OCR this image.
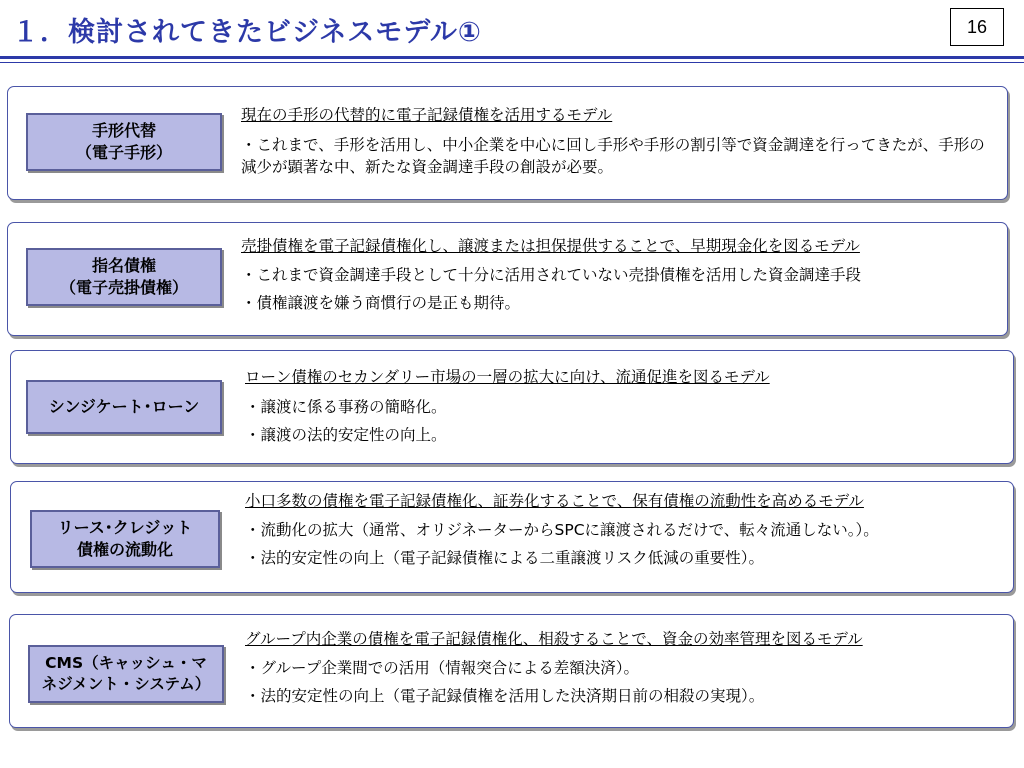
１．検討されてきたビジネスモデル①	16
手形代替
（電子手形）
現在の手形の代替的に電子記録債権を活用するモデル
・これまで、手形を活用し、中小企業を中心に回し手形や手形の割引等で資金調達を行ってきたが、手形の減少が顕著な中、新たな資金調達手段の創設が必要。
指名債権
（電子売掛債権）
売掛債権を電子記録債権化し、譲渡または担保提供することで、早期現金化を図るモデル
・これまで資金調達手段として十分に活用されていない売掛債権を活用した資金調達手段
・債権譲渡を嫌う商慣行の是正も期待。
シンジケート･ローン
ローン債権のセカンダリー市場の一層の拡大に向け、流通促進を図るモデル
・譲渡に係る事務の簡略化。
・譲渡の法的安定性の向上。
リース･クレジット
債権の流動化
小口多数の債権を電子記録債権化、証券化することで、保有債権の流動性を高めるモデル
・流動化の拡大（通常、オリジネーターからSPCに譲渡されるだけで、転々流通しない。）。
・法的安定性の向上（電子記録債権による二重譲渡リスク低減の重要性）。
CMS（キャッシュ・マ
ネジメント・システム）
グループ内企業の債権を電子記録債権化、相殺することで、資金の効率管理を図るモデル
・グループ企業間での活用（情報突合による差額決済）。
・法的安定性の向上（電子記録債権を活用した決済期日前の相殺の実現）。
